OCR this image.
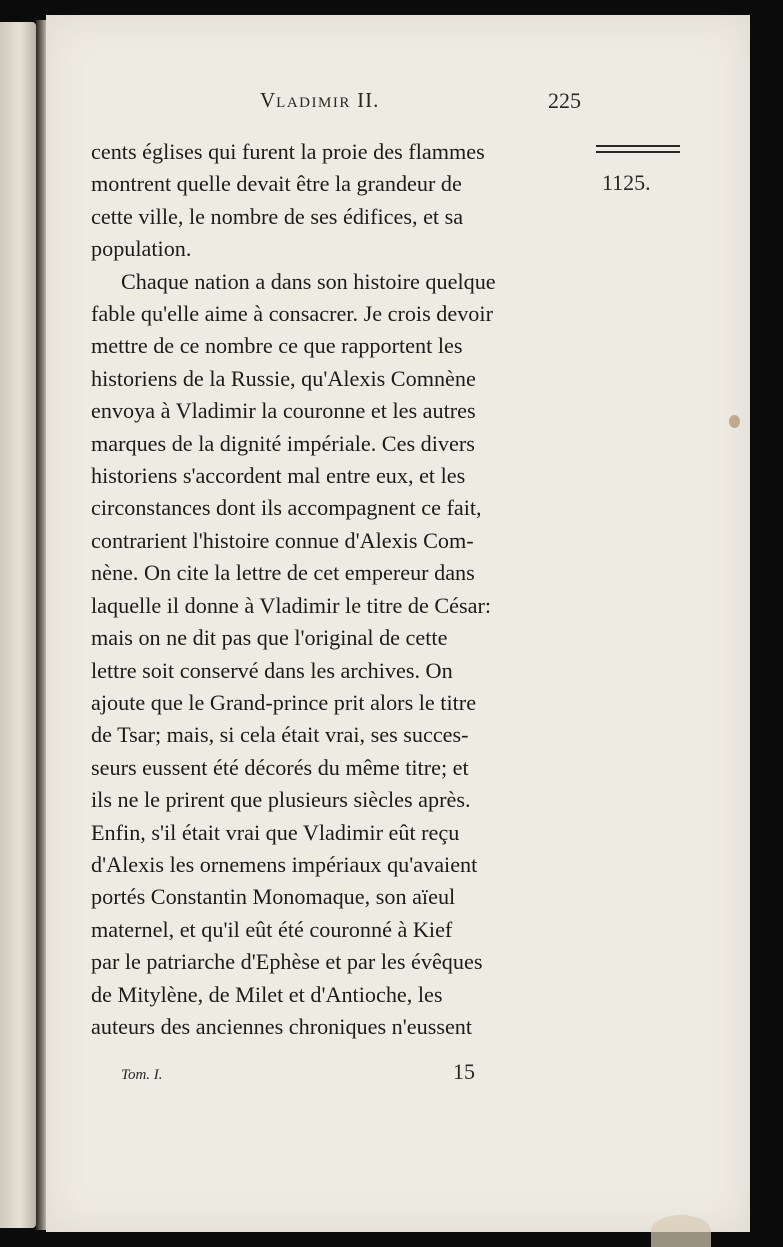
VLADIMIR II.	225
1125.

cents églises qui furent la proie des flammes
montrent quelle devait être la grandeur de
cette ville, le nombre de ses édifices, et sa
population.

Chaque nation a dans son histoire quelque
fable qu'elle aime à consacrer. Je crois devoir
mettre de ce nombre ce que rapportent les
historiens de la Russie, qu'Alexis Comnène
envoya à Vladimir la couronne et les autres
marques de la dignité impériale. Ces divers
historiens s'accordent mal entre eux, et les
circonstances dont ils accompagnent ce fait,
contrarient l'histoire connue d'Alexis Com-
nène. On cite la lettre de cet empereur dans
laquelle il donne à Vladimir le titre de César:
mais on ne dit pas que l'original de cette
lettre soit conservé dans les archives. On
ajoute que le Grand-prince prit alors le titre
de Tsar; mais, si cela était vrai, ses succes-
seurs eussent été décorés du même titre; et
ils ne le prirent que plusieurs siècles après.
Enfin, s'il était vrai que Vladimir eût reçu
d'Alexis les ornemens impériaux qu'avaient
portés Constantin Monomaque, son aïeul
maternel, et qu'il eût été couronné à Kief
par le patriarche d'Ephèse et par les évêques
de Mitylène, de Milet et d'Antioche, les
auteurs des anciennes chroniques n'eussent

Tom. I.	15
